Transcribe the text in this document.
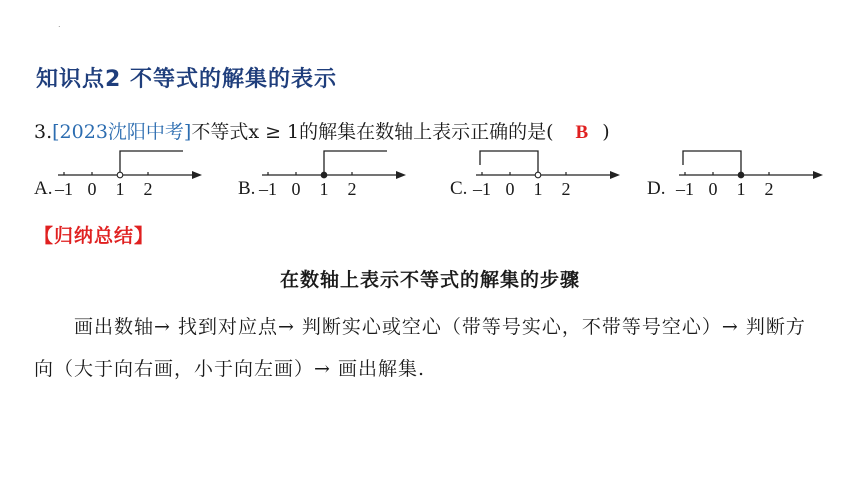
.
知识点2 不等式的解集的表示
3.[2023沈阳中考]不等式x ≥ 1的解集在数轴上表示正确的是( B )
A. –1 0 1 2	B. –1 0 1 2	C. –1 0 1 2	D. –1 0 1 2
【归纳总结】
在数轴上表示不等式的解集的步骤
画出数轴→ 找到对应点→ 判断实心或空心（带等号实心，不带等号空心）→ 判断方向（大于向右画，小于向左画）→ 画出解集.
